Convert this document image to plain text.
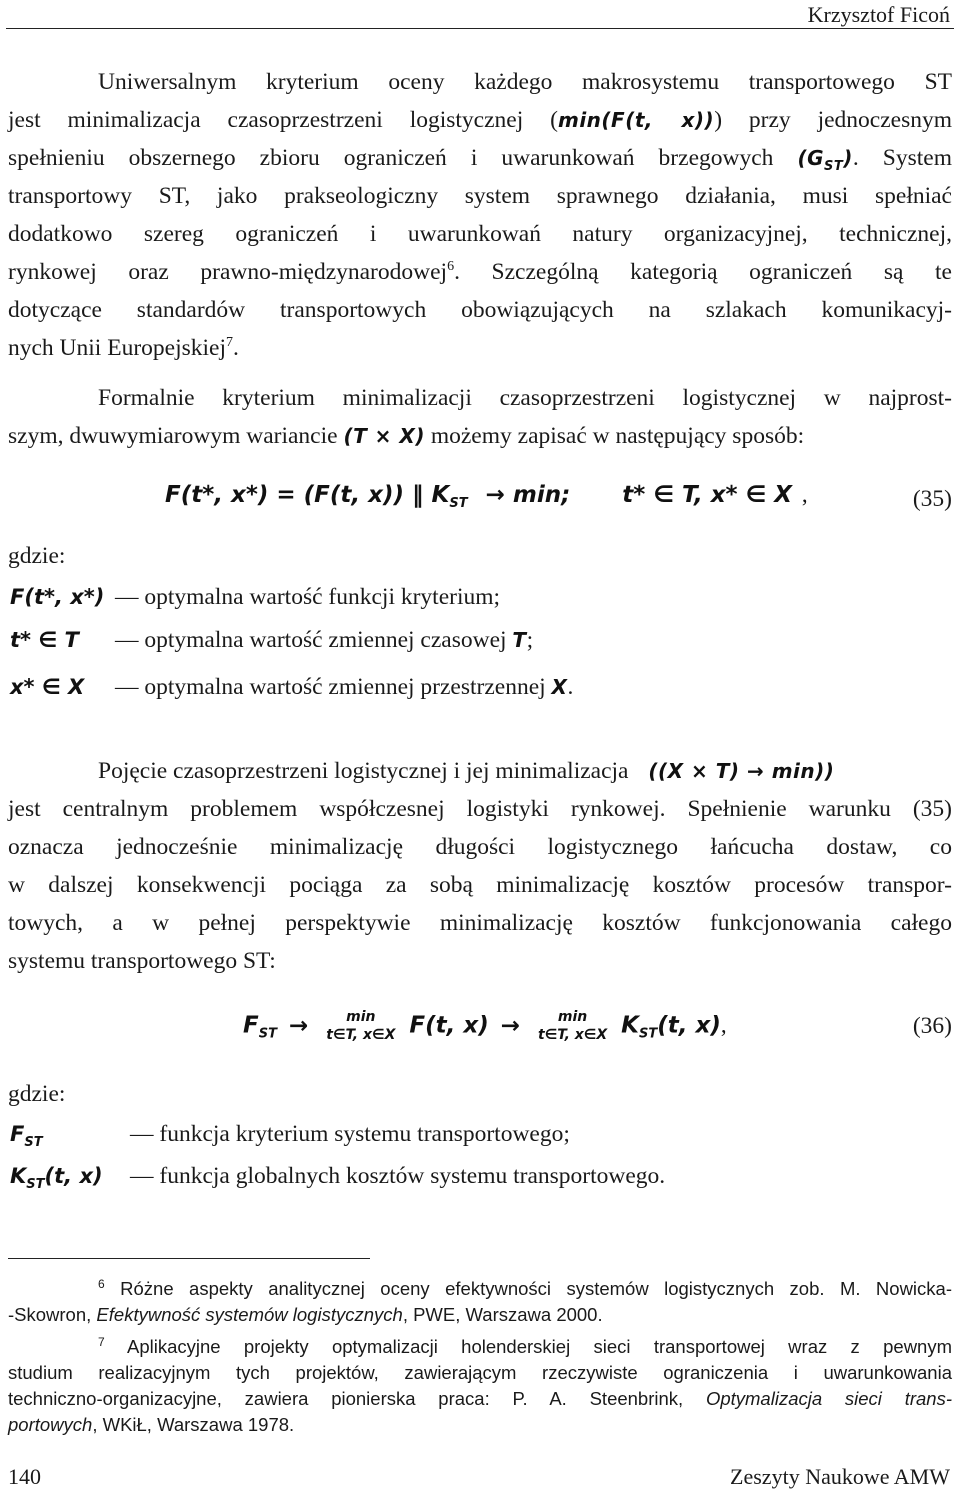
Krzysztof Ficoń
Uniwersalnym kryterium oceny każdego makrosystemu transportowego ST
jest minimalizacja czasoprzestrzeni logistycznej (min(F(t, x))) przy jednoczesnym
spełnieniu obszernego zbioru ograniczeń i uwarunkowań brzegowych $(G_{ST})$. System
transportowy ST, jako prakseologiczny system sprawnego działania, musi spełniać
dodatkowo szereg ograniczeń i uwarunkowań natury organizacyjnej, technicznej,
rynkowej oraz prawno-międzynarodowej$^6$. Szczególną kategorią ograniczeń są te
dotyczące standardów transportowych obowiązujących na szlakach komunikacyj-
nych Unii Europejskiej$^7$.
Formalnie kryterium minimalizacji czasoprzestrzeni logistycznej w najprost-
szym, dwuwymiarowym wariancie (T × X) możemy zapisać w następujący sposób:
F(t*, x*) = (F(t, x)) ‖ $K_{ST} \to \min$; t* ∈ T, x* ∈ X ,	(35)
gdzie:
F(t*, x*) — optymalna wartość funkcji kryterium;
t* ∈ T — optymalna wartość zmiennej czasowej T;
x* ∈ X — optymalna wartość zmiennej przestrzennej X.
Pojęcie czasoprzestrzeni logistycznej i jej minimalizacja ((X × T) → min))
jest centralnym problemem współczesnej logistyki rynkowej. Spełnienie warunku (35)
oznacza jednocześnie minimalizację długości logistycznego łańcucha dostaw, co
w dalszej konsekwencji pociąga za sobą minimalizację kosztów procesów transpor-
towych, a w pełnej perspektywie minimalizację kosztów funkcjonowania całego
systemu transportowego ST:
$F_{ST}$ →	min
t∈T, x∈X F(t, x) →	min
t∈T, x∈X $K_{ST}(t$, x),	(36)
gdzie:
$F_{ST}$	— funkcja kryterium systemu transportowego;
$K_{ST}(t$, x) — funkcja globalnych kosztów systemu transportowego.
$^6$ Różne aspekty analitycznej oceny efektywności systemów logistycznych zob. M. Nowicka-
-Skowron, Efektywność systemów logistycznych, PWE, Warszawa 2000.
$^7$ Aplikacyjne projekty optymalizacji holenderskiej sieci transportowej wraz z pewnym
studium realizacyjnym tych projektów, zawierającym rzeczywiste ograniczenia i uwarunkowania
techniczno-organizacyjne, zawiera pionierska praca: P. A. Steenbrink, Optymalizacja sieci trans-
portowych, WKiŁ, Warszawa 1978.
140	Zeszyty Naukowe AMW
